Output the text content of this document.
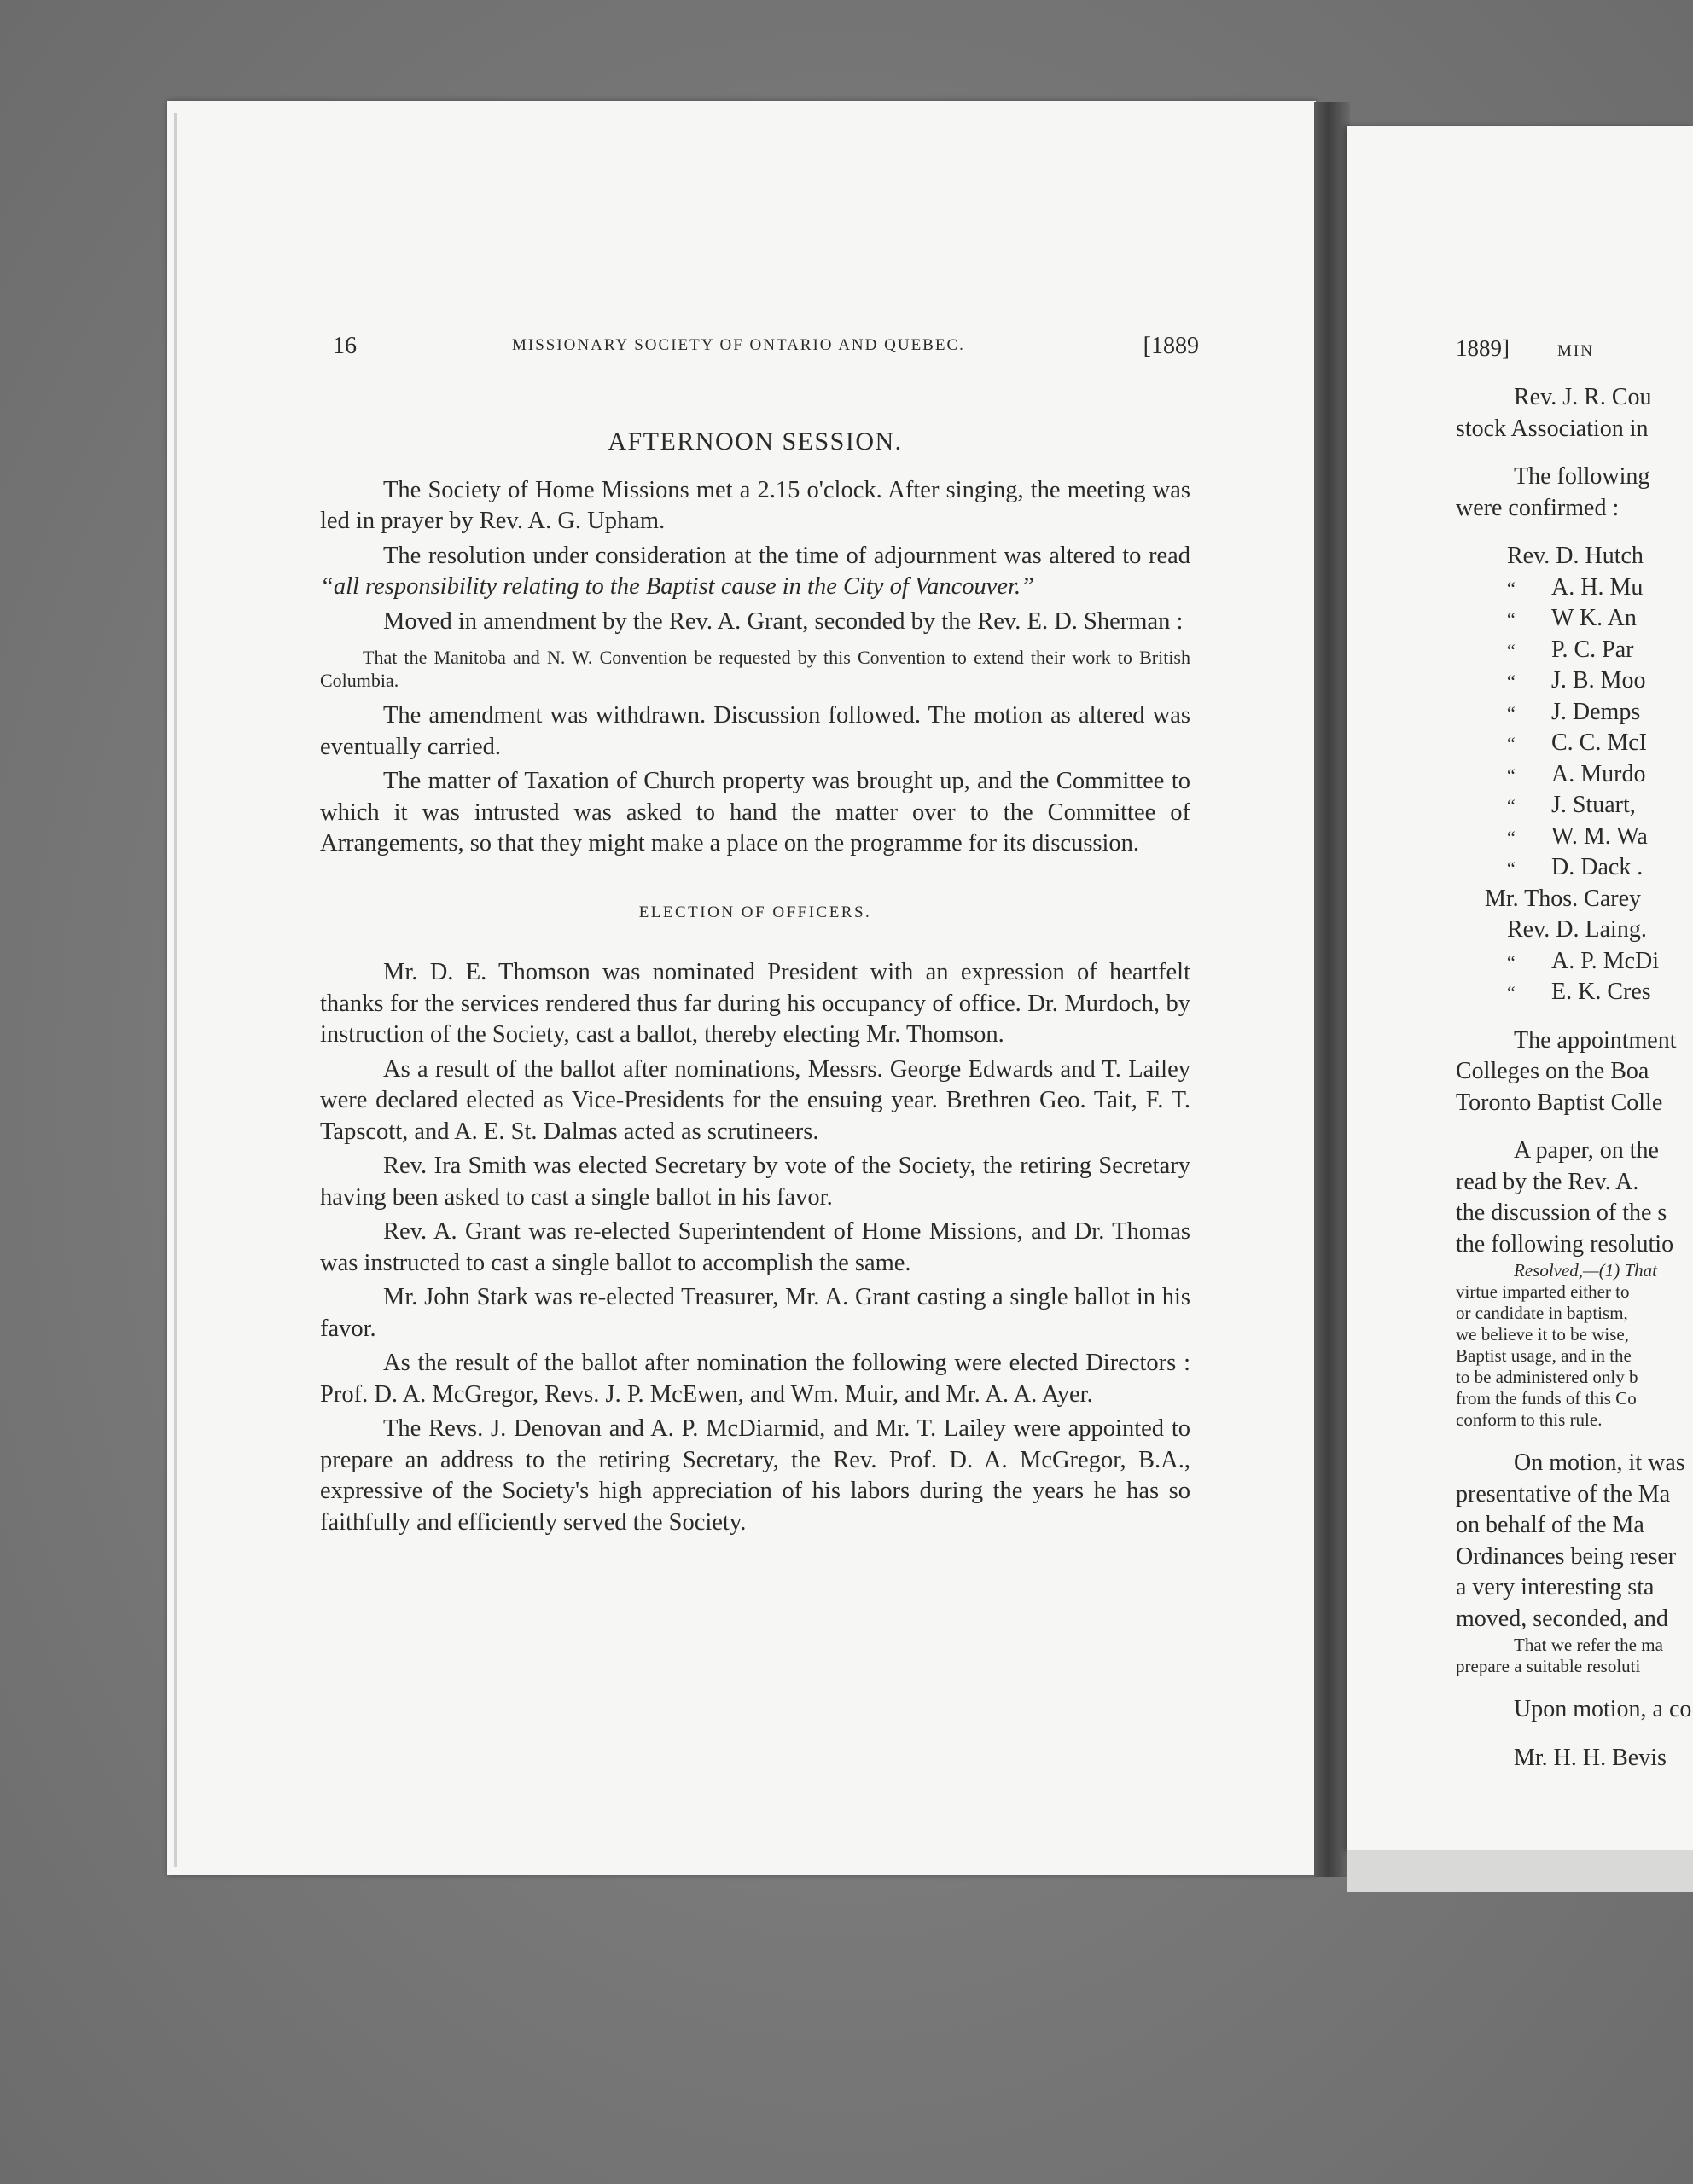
16	MISSIONARY SOCIETY OF ONTARIO AND QUEBEC.	[1889
AFTERNOON SESSION.

The Society of Home Missions met a 2.15 o'clock. After singing, the meeting was led in prayer by Rev. A. G. Upham.

The resolution under consideration at the time of adjournment was altered to read “all responsibility relating to the Baptist cause in the City of Vancouver.”

Moved in amendment by the Rev. A. Grant, seconded by the Rev. E. D. Sherman :

That the Manitoba and N. W. Convention be requested by this Convention to extend their work to British Columbia.

The amendment was withdrawn. Discussion followed. The motion as altered was eventually carried.

The matter of Taxation of Church property was brought up, and the Committee to which it was intrusted was asked to hand the matter over to the Committee of Arrangements, so that they might make a place on the programme for its discussion.

ELECTION OF OFFICERS.

Mr. D. E. Thomson was nominated President with an expression of heartfelt thanks for the services rendered thus far during his occupancy of office. Dr. Murdoch, by instruction of the Society, cast a ballot, thereby electing Mr. Thomson.

As a result of the ballot after nominations, Messrs. George Edwards and T. Lailey were declared elected as Vice-Presidents for the ensuing year. Brethren Geo. Tait, F. T. Tapscott, and A. E. St. Dalmas acted as scrutineers.

Rev. Ira Smith was elected Secretary by vote of the Society, the retiring Secretary having been asked to cast a single ballot in his favor.

Rev. A. Grant was re-elected Superintendent of Home Missions, and Dr. Thomas was instructed to cast a single ballot to accomplish the same.

Mr. John Stark was re-elected Treasurer, Mr. A. Grant casting a single ballot in his favor.

As the result of the ballot after nomination the following were elected Directors : Prof. D. A. McGregor, Revs. J. P. McEwen, and Wm. Muir, and Mr. A. A. Ayer.

The Revs. J. Denovan and A. P. McDiarmid, and Mr. T. Lailey were appointed to prepare an address to the retiring Secretary, the Rev. Prof. D. A. McGregor, B.A., expressive of the Society's high appreciation of his labors during the years he has so faithfully and efficiently served the Society.

1889]	MIN
Rev. J. R. Cou
stock Association in
The following
were confirmed :
Rev. D. Hutch
“ A. H. Mu
“ W K. An
“ P. C. Par
“ J. B. Moo
“ J. Demps
“ C. C. McI
“ A. Murdo
“ J. Stuart,
“ W. M. Wa
“ D. Dack .
Mr. Thos. Carey
Rev. D. Laing.
“ A. P. McDi
“ E. K. Cres
The appointment
Colleges on the Boa
Toronto Baptist Colle
A paper, on the
read by the Rev. A.
the discussion of the s
the following resolutio
Resolved,—(1) That
virtue imparted either to
or candidate in baptism,
we believe it to be wise,
Baptist usage, and in the
to be administered only b
from the funds of this Co
conform to this rule.
On motion, it was
presentative of the Ma
on behalf of the Ma
Ordinances being reser
a very interesting sta
moved, seconded, and
That we refer the ma
prepare a suitable resoluti
Upon motion, a co
Mr. H. H. Bevis
